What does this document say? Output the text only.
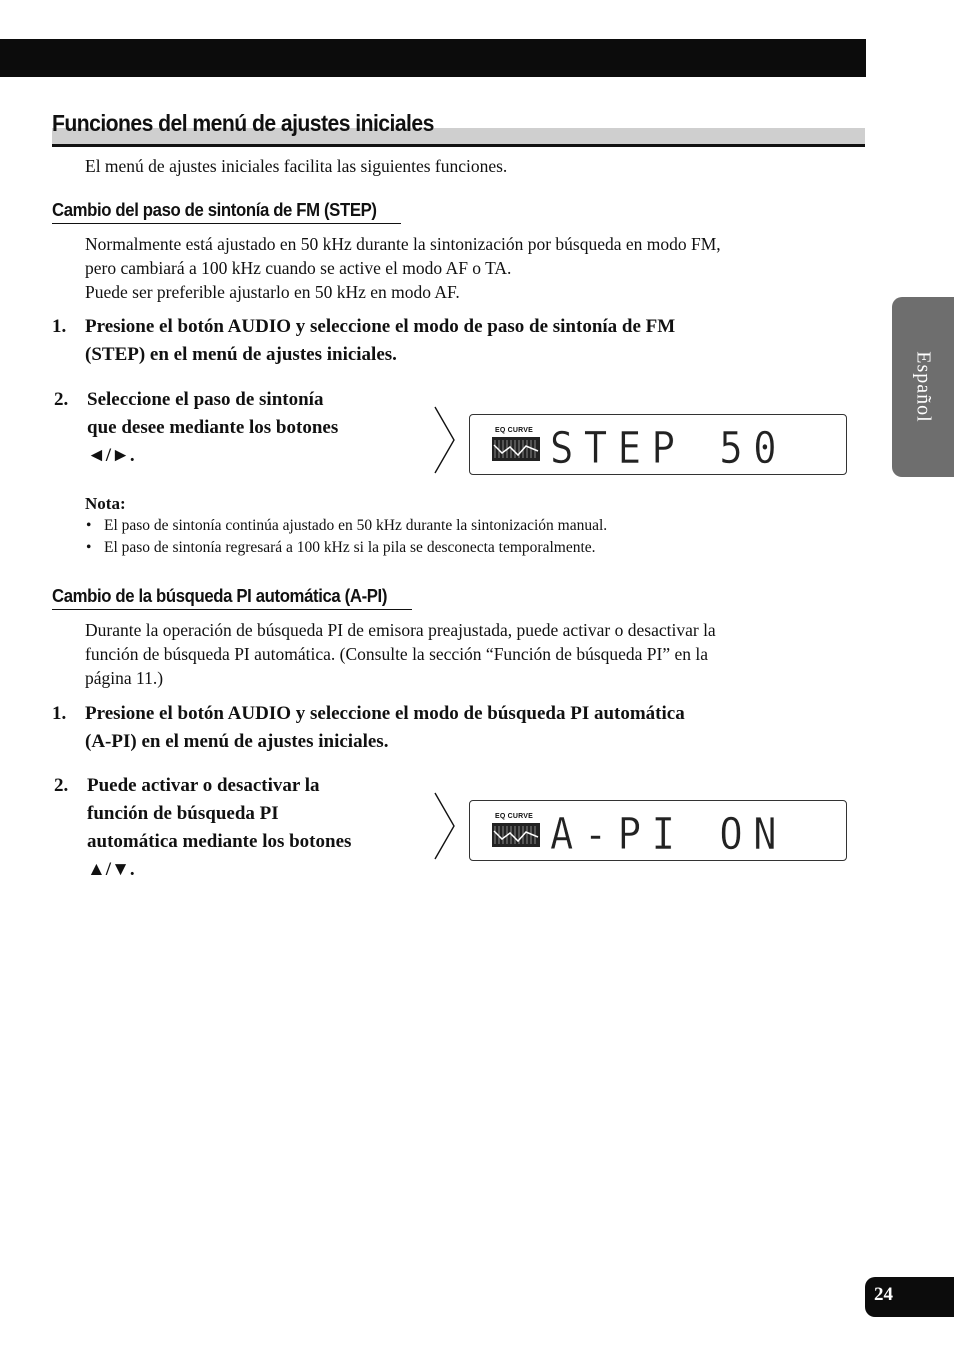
Funciones del menú de ajustes iniciales

El menú de ajustes iniciales facilita las siguientes funciones.

Cambio del paso de sintonía de FM (STEP)
Normalmente está ajustado en 50 kHz durante la sintonización por búsqueda en modo FM,
pero cambiará a 100 kHz cuando se active el modo AF o TA.
Puede ser preferible ajustarlo en 50 kHz en modo AF.
1. Presione el botón AUDIO y seleccione el modo de paso de sintonía de FM
(STEP) en el menú de ajustes iniciales.
2. Seleccione el paso de sintonía
que desee mediante los botones
◄/►.
EQ CURVE STEP 50
Nota:
• El paso de sintonía continúa ajustado en 50 kHz durante la sintonización manual.
• El paso de sintonía regresará a 100 kHz si la pila se desconecta temporalmente.
Cambio de la búsqueda PI automática (A-PI)
Durante la operación de búsqueda PI de emisora preajustada, puede activar o desactivar la
función de búsqueda PI automática. (Consulte la sección “Función de búsqueda PI” en la
página 11.)
1. Presione el botón AUDIO y seleccione el modo de búsqueda PI automática
(A-PI) en el menú de ajustes iniciales.
2. Puede activar o desactivar la
función de búsqueda PI
automática mediante los botones
▲/▼.
EQ CURVE A-PI ON
Español
24
